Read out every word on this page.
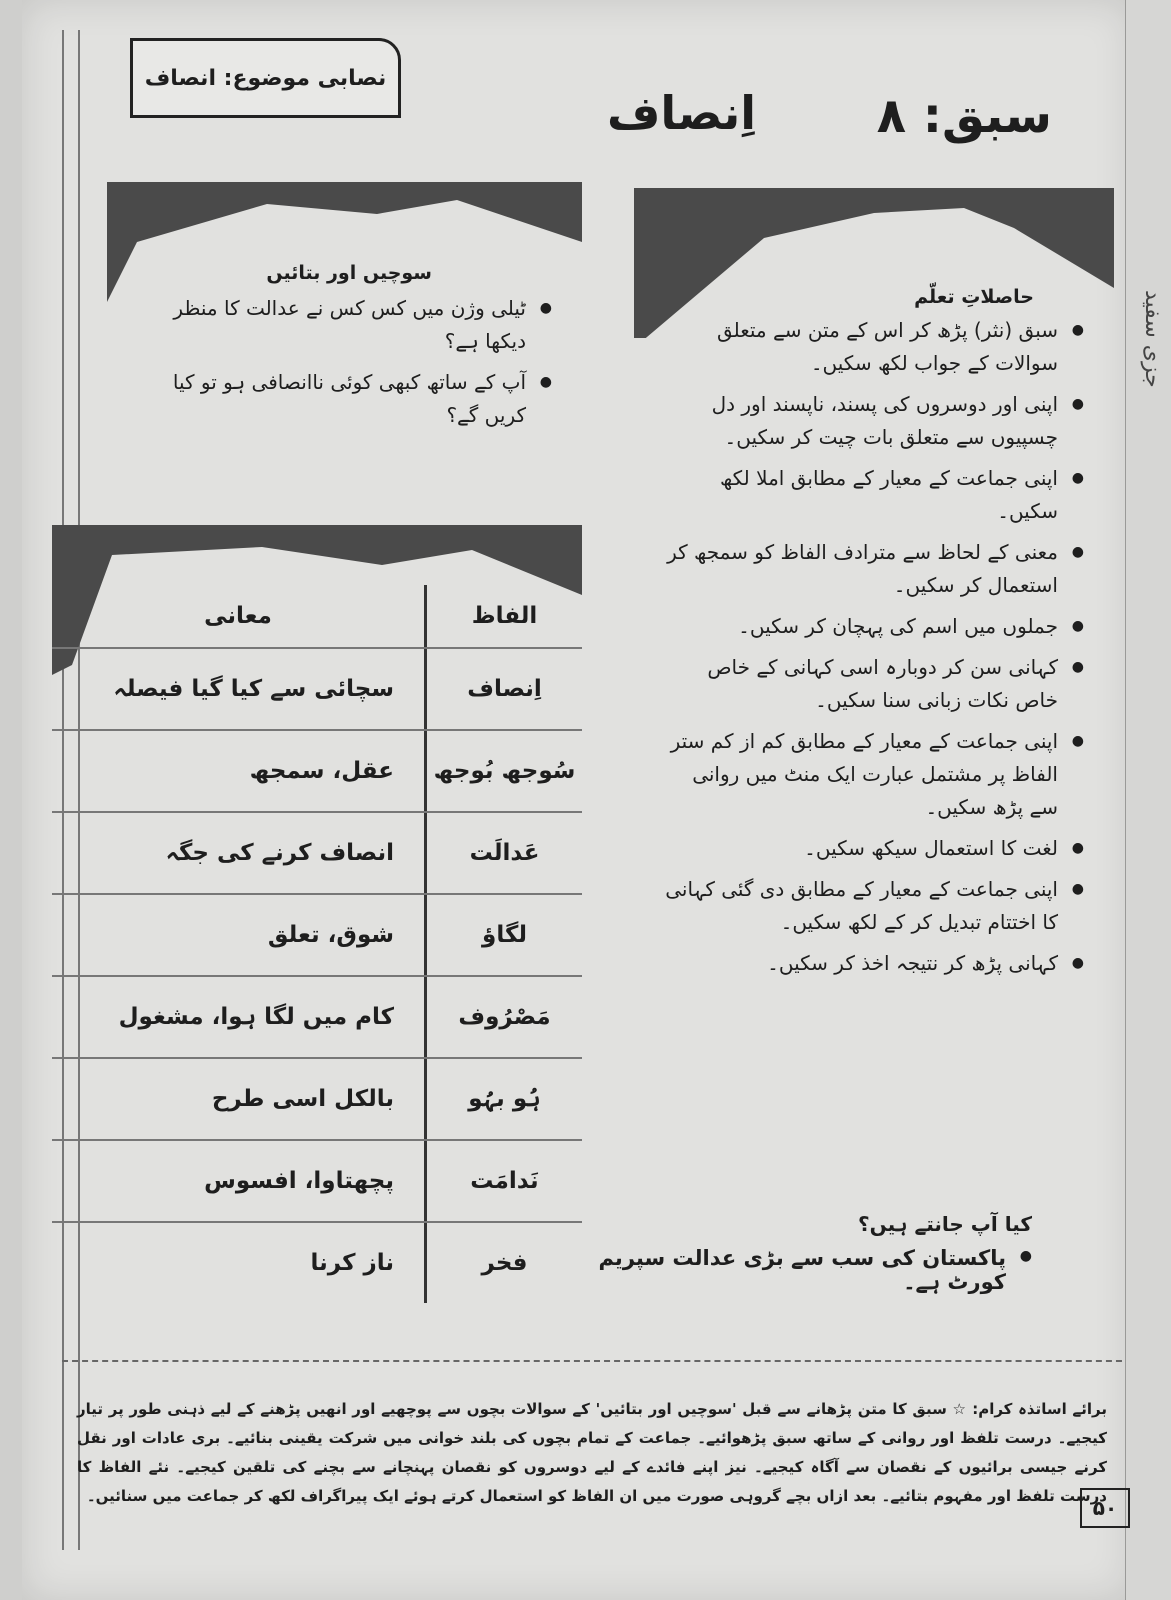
نصابی موضوع: انصاف
اِنصاف	سبق: ۸
حاصلاتِ تعلّم
● سبق (نثر) پڑھ کر اس کے متن سے متعلق سوالات کے جواب لکھ سکیں۔
● اپنی اور دوسروں کی پسند، ناپسند اور دل چسپیوں سے متعلق بات چیت کر سکیں۔
● اپنی جماعت کے معیار کے مطابق املا لکھ سکیں۔
● معنی کے لحاظ سے مترادف الفاظ کو سمجھ کر استعمال کر سکیں۔
● جملوں میں اسم کی پہچان کر سکیں۔
● کہانی سن کر دوبارہ اسی کہانی کے خاص خاص نکات زبانی سنا سکیں۔
● اپنی جماعت کے معیار کے مطابق کم از کم ستر الفاظ پر مشتمل عبارت ایک منٹ میں روانی سے پڑھ سکیں۔
● لغت کا استعمال سیکھ سکیں۔
● اپنی جماعت کے معیار کے مطابق دی گئی کہانی کا اختتام تبدیل کر کے لکھ سکیں۔
● کہانی پڑھ کر نتیجہ اخذ کر سکیں۔
سوچیں اور بتائیں
● ٹیلی وژن میں کس کس نے عدالت کا منظر دیکھا ہے؟
● آپ کے ساتھ کبھی کوئی ناانصافی ہو تو کیا کریں گے؟
الفاظ
معانی
اِنصاف
سچائی سے کیا گیا فیصلہ
سُوجھ بُوجھ
عقل، سمجھ
عَدالَت
انصاف کرنے کی جگہ
لگاؤ
شوق، تعلق
مَصْرُوف
کام میں لگا ہوا، مشغول
ہُو بہُو
بالکل اسی طرح
نَدامَت
پچھتاوا، افسوس
فخر
ناز کرنا
کیا آپ جانتے ہیں؟
● پاکستان کی سب سے بڑی عدالت سپریم کورٹ ہے۔
برائے اساتذہ کرام: ☆ سبق کا متن پڑھانے سے قبل 'سوچیں اور بتائیں' کے سوالات بچوں سے پوچھیے اور انھیں پڑھنے کے لیے ذہنی طور پر تیار کیجیے۔ درست تلفظ اور روانی کے ساتھ سبق پڑھوائیے۔ جماعت کے تمام بچوں کی بلند خوانی میں شرکت یقینی بنائیے۔ بری عادات اور نقل کرنے جیسی برائیوں کے نقصان سے آگاہ کیجیے۔ نیز اپنے فائدے کے لیے دوسروں کو نقصان پہنچانے سے بچنے کی تلقین کیجیے۔ نئے الفاظ کا درست تلفظ اور مفہوم بتائیے۔ بعد ازاں بچے گروہی صورت میں ان الفاظ کو استعمال کرتے ہوئے ایک پیراگراف لکھ کر جماعت میں سنائیں۔
جزی سفید
۵۰
